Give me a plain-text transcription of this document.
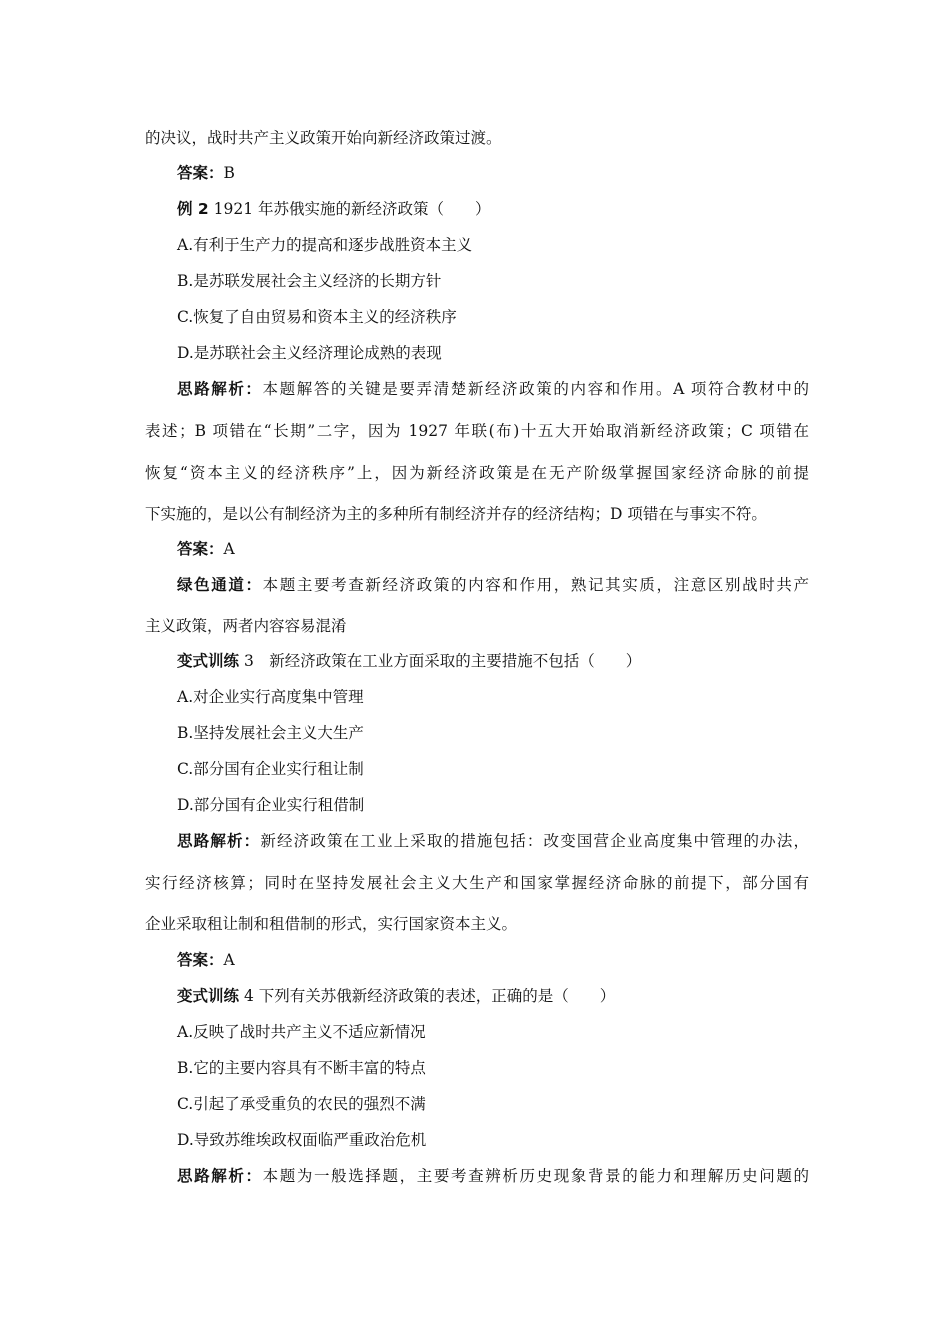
的决议，战时共产主义政策开始向新经济政策过渡。
答案：B
例 2 1921 年苏俄实施的新经济政策（　　）
A.有利于生产力的提高和逐步战胜资本主义
B.是苏联发展社会主义经济的长期方针
C.恢复了自由贸易和资本主义的经济秩序
D.是苏联社会主义经济理论成熟的表现
思路解析：本题解答的关键是要弄清楚新经济政策的内容和作用。A 项符合教材中的
表述；B 项错在“长期”二字，因为 1927 年联(布)十五大开始取消新经济政策；C 项错在
恢复“资本主义的经济秩序”上，因为新经济政策是在无产阶级掌握国家经济命脉的前提
下实施的，是以公有制经济为主的多种所有制经济并存的经济结构；D 项错在与事实不符。
答案：A
绿色通道：本题主要考查新经济政策的内容和作用，熟记其实质，注意区别战时共产
主义政策，两者内容容易混淆
变式训练 3　新经济政策在工业方面采取的主要措施不包括（　　）
A.对企业实行高度集中管理
B.坚持发展社会主义大生产
C.部分国有企业实行租让制
D.部分国有企业实行租借制
思路解析：新经济政策在工业上采取的措施包括：改变国营企业高度集中管理的办法，
实行经济核算；同时在坚持发展社会主义大生产和国家掌握经济命脉的前提下，部分国有
企业采取租让制和租借制的形式，实行国家资本主义。
答案：A
变式训练 4 下列有关苏俄新经济政策的表述，正确的是（　　）
A.反映了战时共产主义不适应新情况
B.它的主要内容具有不断丰富的特点
C.引起了承受重负的农民的强烈不满
D.导致苏维埃政权面临严重政治危机
思路解析：本题为一般选择题，主要考查辨析历史现象背景的能力和理解历史问题的
